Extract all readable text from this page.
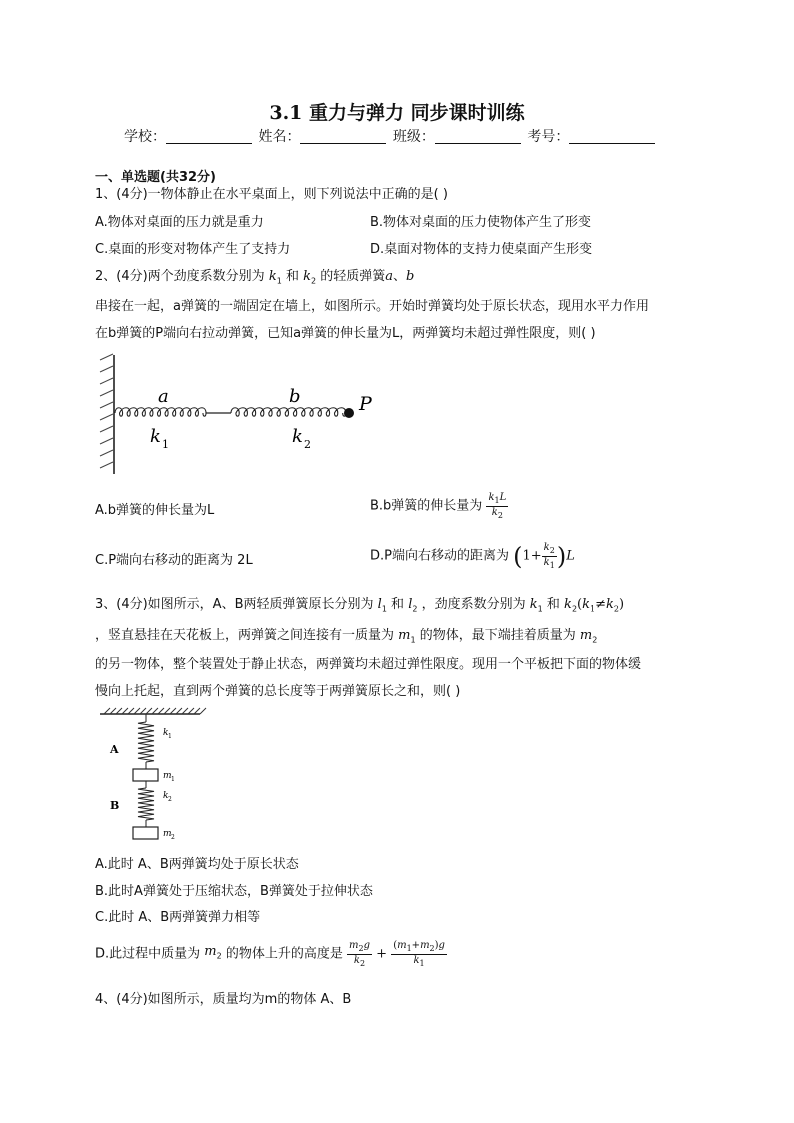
3.1 重力与弹力 同步课时训练
学校：	姓名：	班级：	考号：
一、单选题(共32分)
1、(4分)一物体静止在水平桌面上，则下列说法中正确的是( )
A.物体对桌面的压力就是重力	B.物体对桌面的压力使物体产生了形变
C.桌面的形变对物体产生了支持力	D.桌面对物体的支持力使桌面产生形变
2、(4分)两个劲度系数分别为 $k_1$ 和 $k_2$ 的轻质弹簧a、b
串接在一起，a弹簧的一端固定在墙上，如图所示。开始时弹簧均处于原长状态，现用水平力作用
在b弹簧的P端向右拉动弹簧，已知a弹簧的伸长量为L，两弹簧均未超过弹性限度，则( )
a	b	P
k 1	k 2
A.b弹簧的伸长量为L	B.b弹簧的伸长量为 $\frac{k_1L}{k_2}$
C.P端向右移动的距离为 2L	D.P端向右移动的距离为 $(1+ \frac{k_2}{k_1} )L$
3、(4分)如图所示，A、B两轻质弹簧原长分别为 $l_1$ 和 $l_2$ ，劲度系数分别为 $k_1$ 和 $k_2(k_1\ne k_2)$
，竖直悬挂在天花板上，两弹簧之间连接有一质量为 $m_1$ 的物体，最下端挂着质量为 $m_2$
的另一物体，整个装置处于静止状态，两弹簧均未超过弹性限度。现用一个平板把下面的物体缓
慢向上托起，直到两个弹簧的总长度等于两弹簧原长之和，则( )
A
B
k 1
m 1
k 2
m 2
A.此时 A、B两弹簧均处于原长状态
B.此时A弹簧处于压缩状态，B弹簧处于拉伸状态
C.此时 A、B两弹簧弹力相等
D.此过程中质量为 $m_2$ 的物体上升的高度是 $\frac{m_2g}{k_2} + \frac{(m_1+m_2)g}{k_1}$
4、(4分)如图所示，质量均为m的物体 A、B
